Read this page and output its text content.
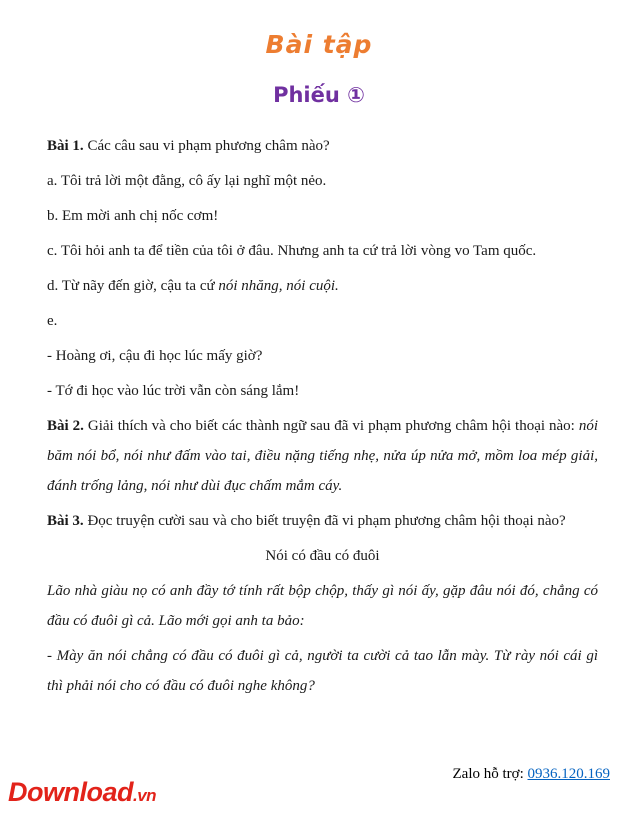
Bài tập
Phiếu ①

Bài 1. Các câu sau vi phạm phương châm nào?

a. Tôi trả lời một đằng, cô ấy lại nghĩ một nẻo.

b. Em mời anh chị nốc cơm!

c. Tôi hỏi anh ta để tiền của tôi ở đâu. Nhưng anh ta cứ trả lời vòng vo Tam quốc.

d. Từ nãy đến giờ, cậu ta cứ nói nhăng, nói cuội.

e.

- Hoàng ơi, cậu đi học lúc mấy giờ?

- Tớ đi học vào lúc trời vẫn còn sáng lắm!

Bài 2. Giải thích và cho biết các thành ngữ sau đã vi phạm phương châm hội thoại nào: nói băm nói bổ, nói như đấm vào tai, điều nặng tiếng nhẹ, nửa úp nửa mở, mồm loa mép giải, đánh trống lảng, nói như dùi đục chấm mắm cáy.

Bài 3. Đọc truyện cười sau và cho biết truyện đã vi phạm phương châm hội thoại nào?

Nói có đầu có đuôi

Lão nhà giàu nọ có anh đầy tớ tính rất bộp chộp, thấy gì nói ấy, gặp đâu nói đó, chẳng có đầu có đuôi gì cả. Lão mới gọi anh ta bảo:

- Mày ăn nói chẳng có đầu có đuôi gì cả, người ta cười cả tao lẫn mày. Từ rày nói cái gì thì phải nói cho có đầu có đuôi nghe không?

Download.vn
Zalo hỗ trợ: 0936.120.169
